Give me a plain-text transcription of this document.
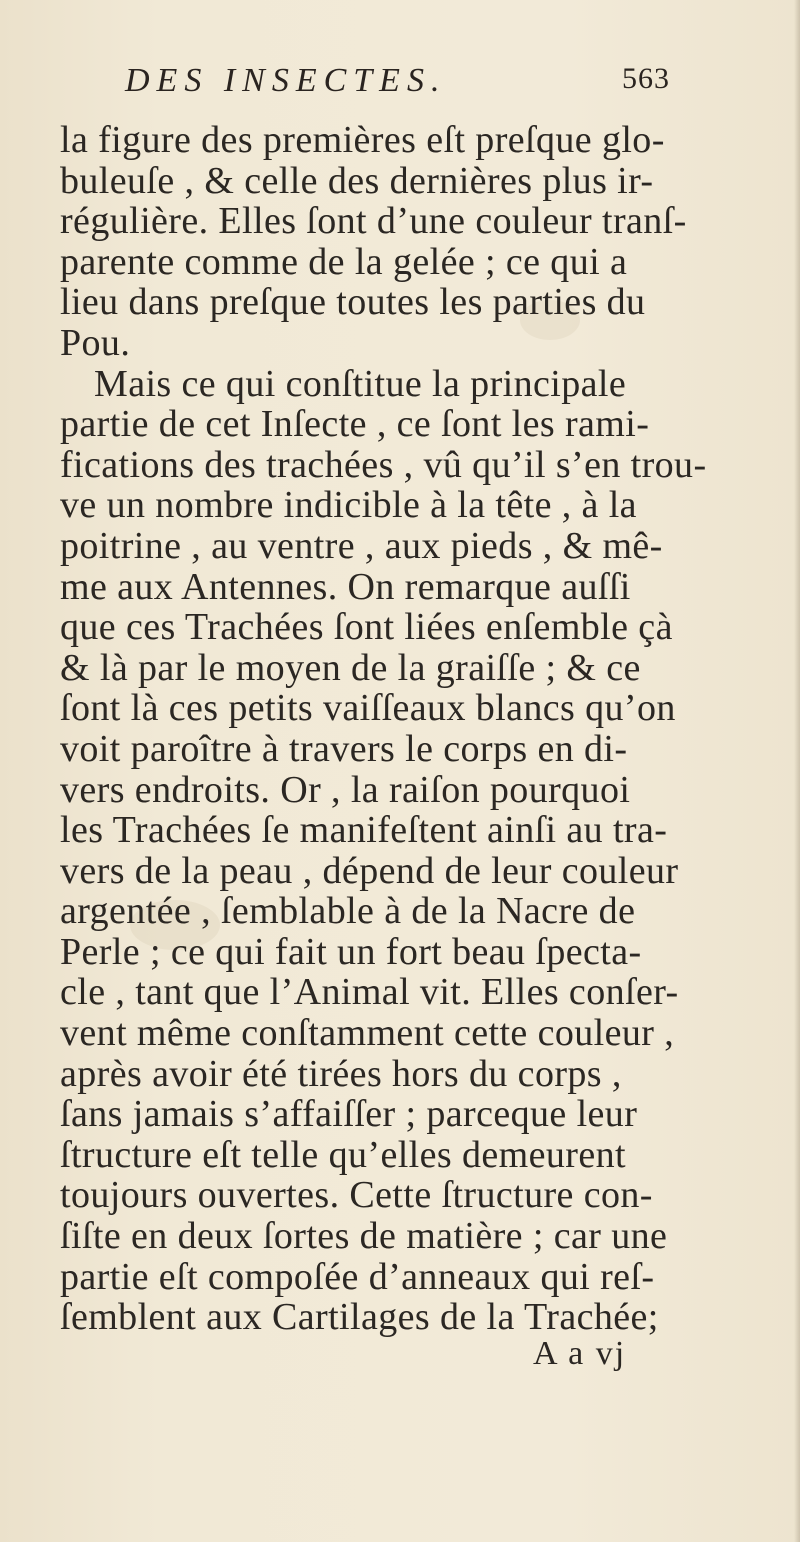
DES INSECTES.	563
la figure des premières eſt preſque glo-
buleuſe , & celle des dernières plus ir-
régulière. Elles ſont d’une couleur tranſ-
parente comme de la gelée ; ce qui a
lieu dans preſque toutes les parties du
Pou.
Mais ce qui conſtitue la principale
partie de cet Inſecte , ce ſont les rami-
fications des trachées , vû qu’il s’en trou-
ve un nombre indicible à la tête , à la
poitrine , au ventre , aux pieds , & mê-
me aux Antennes. On remarque auſſi
que ces Trachées ſont liées enſemble çà
& là par le moyen de la graiſſe ; & ce
ſont là ces petits vaiſſeaux blancs qu’on
voit paroître à travers le corps en di-
vers endroits. Or , la raiſon pourquoi
les Trachées ſe manifeſtent ainſi au tra-
vers de la peau , dépend de leur couleur
argentée , ſemblable à de la Nacre de
Perle ; ce qui fait un fort beau ſpecta-
cle , tant que l’Animal vit. Elles conſer-
vent même conſtamment cette couleur ,
après avoir été tirées hors du corps ,
ſans jamais s’affaiſſer ; parceque leur
ſtructure eſt telle qu’elles demeurent
toujours ouvertes. Cette ſtructure con-
ſiſte en deux ſortes de matière ; car une
partie eſt compoſée d’anneaux qui reſ-
ſemblent aux Cartilages de la Trachée;
A a vj
